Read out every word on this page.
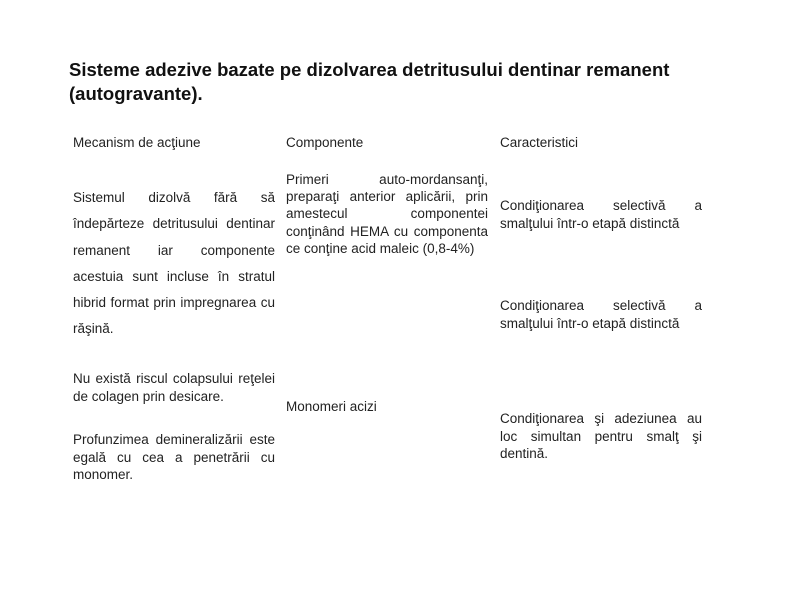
Sisteme adezive bazate pe dizolvarea detritusului dentinar remanent (autogravante).
Mecanism de acţiune	Componente	Caracteristici

Sistemul dizolvă fără să îndepărteze detritusului dentinar remanent iar componente acestuia sunt incluse în stratul hibrid format prin impregnarea cu răşină.

Nu există riscul colapsului reţelei de colagen prin desicare.

Profunzimea demineralizării este egală cu cea a penetrării cu monomer.

Primeri auto-mordansanţi, preparaţi anterior aplicării, prin amestecul componentei conţinând HEMA cu componenta ce conţine acid maleic (0,8-4%)

Monomeri acizi

Condiţionarea selectivă a smalţului într-o etapă distinctă

Condiţionarea selectivă a smalţului într-o etapă distinctă

Condiţionarea şi adeziunea au loc simultan pentru smalţ şi dentină.
